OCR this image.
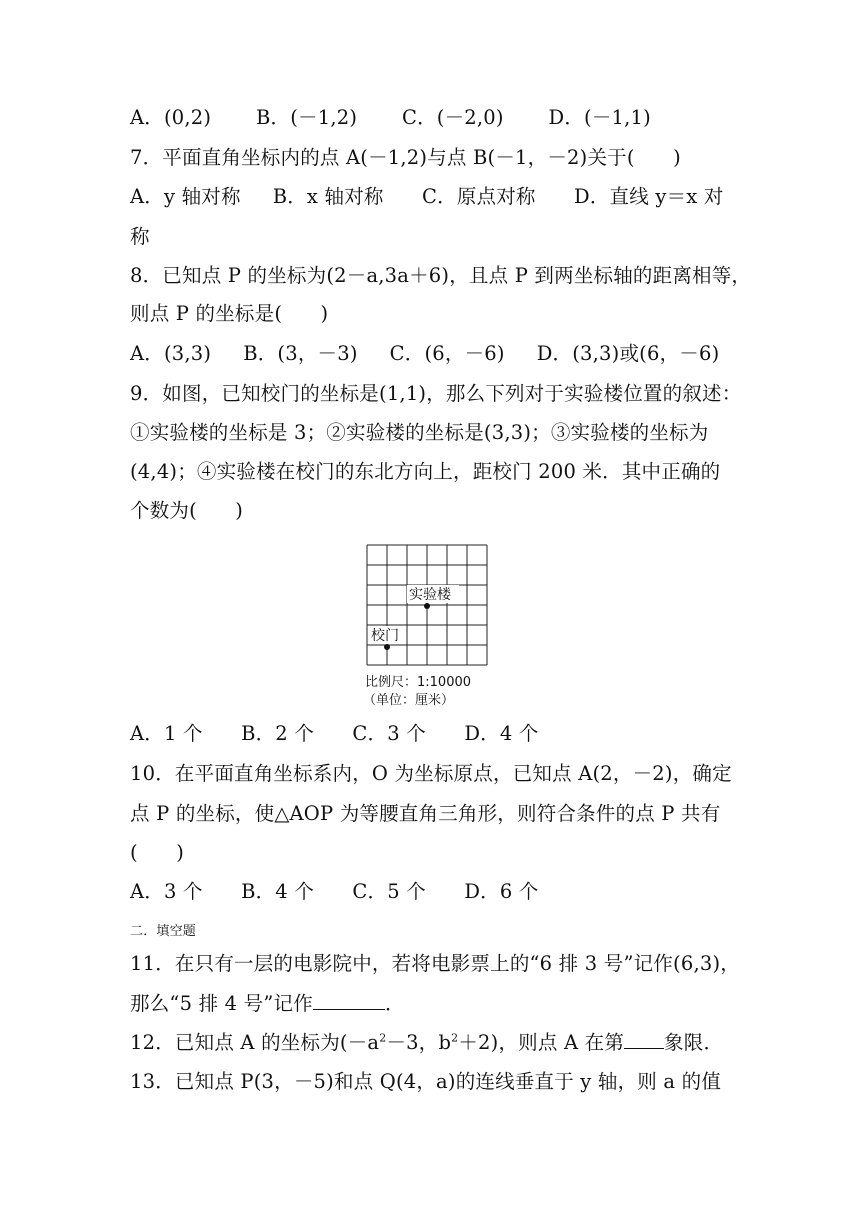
A．(0,2)       B．(－1,2)       C．(－2,0)       D．(－1,1)
7．平面直角坐标内的点 A(－1,2)与点 B(－1，－2)关于(      )
A．y 轴对称     B．x 轴对称      C．原点对称      D．直线 y＝x 对
称
8．已知点 P 的坐标为(2－a,3a＋6)，且点 P 到两坐标轴的距离相等，
则点 P 的坐标是(      )
A．(3,3)     B．(3，－3)     C．(6，－6)     D．(3,3)或(6，－6)
9．如图，已知校门的坐标是(1,1)，那么下列对于实验楼位置的叙述：
①实验楼的坐标是 3；②实验楼的坐标是(3,3)；③实验楼的坐标为
(4,4)；④实验楼在校门的东北方向上，距校门 200 米．其中正确的
个数为(      )
实验楼
校门
比例尺：1:10000
（单位：厘米）
A．1 个      B．2 个      C．3 个      D．4 个
10．在平面直角坐标系内，O 为坐标原点，已知点 A(2，－2)，确定
点 P 的坐标，使△AOP 为等腰直角三角形，则符合条件的点 P 共有
(      )
A．3 个      B．4 个      C．5 个      D．6 个
二．填空题
11．在只有一层的电影院中，若将电影票上的“6 排 3 号”记作(6,3)，
那么“5 排 4 号”记作	．
12．已知点 A 的坐标为($-a^2-3$，$b^2+2$)，则点 A 在第 象限．
13．已知点 P(3，－5)和点 Q(4，a)的连线垂直于 y 轴，则 a 的值
